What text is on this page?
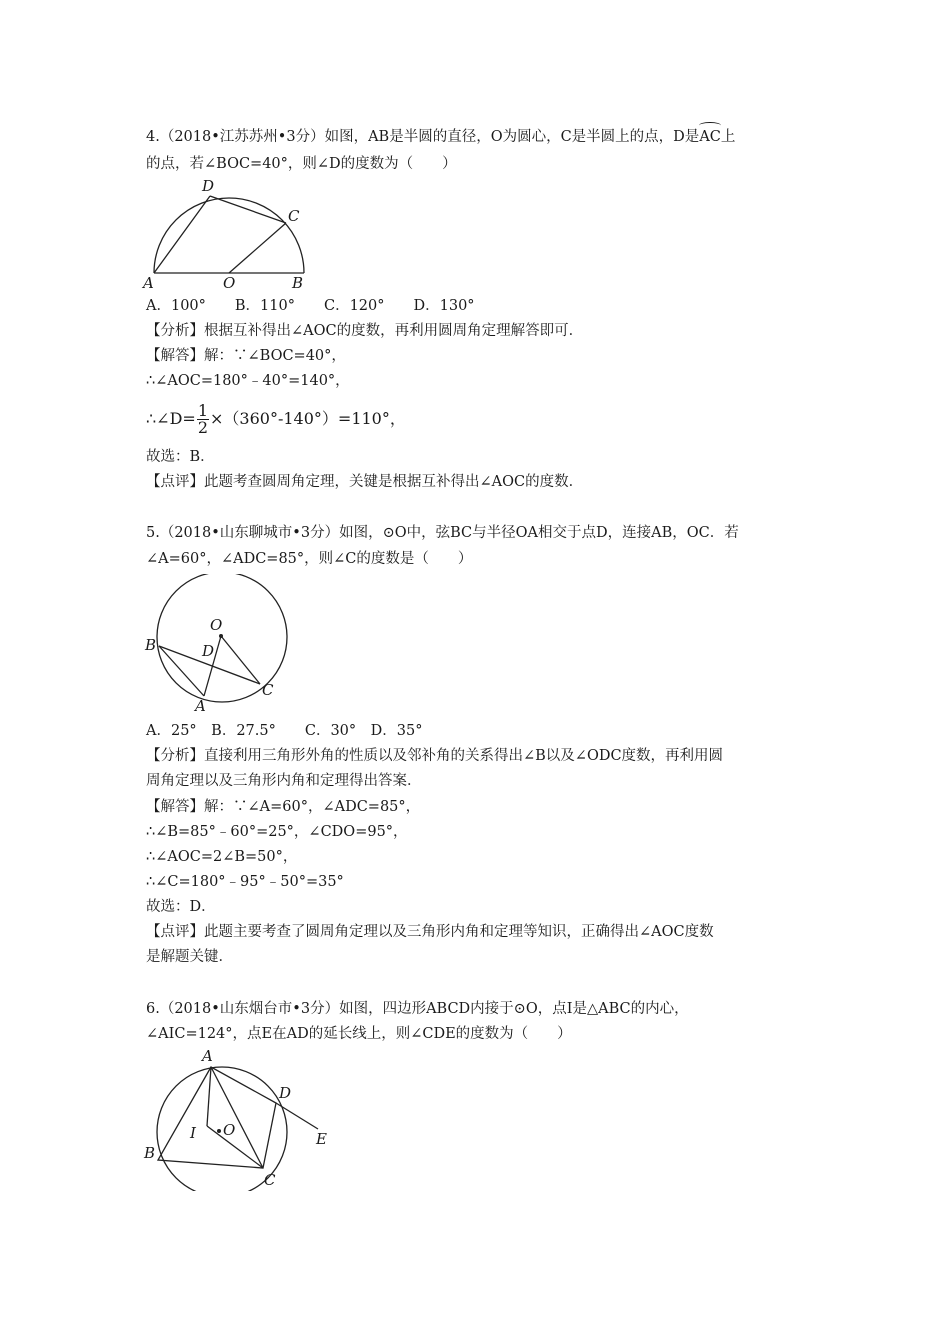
4.（2018•江苏苏州•3分）如图，AB是半圆的直径，O为圆心，C是半圆上的点，D是AC上
的点，若∠BOC=40°，则∠D的度数为（　　）
A	O	B
D
C
A．100°　　B．110°　　C．120°　　D．130°
【分析】根据互补得出∠AOC的度数，再利用圆周角定理解答即可．
【解答】解：∵∠BOC=40°，
∴∠AOC=180°﹣40°=140°，
∴∠D= $\frac{1}{2} \times(360^\circ-140^\circ)=110^\circ$，
故选：B．
【点评】此题考查圆周角定理，关键是根据互补得出∠AOC的度数．
5.（2018•山东聊城市•3分）如图，⊙O中，弦BC与半径OA相交于点D，连接AB，OC．若
∠A=60°，∠ADC=85°，则∠C的度数是（　　）
O
B	D
C
A
A．25°　B．27.5°　　C．30°　D．35°
【分析】直接利用三角形外角的性质以及邻补角的关系得出∠B以及∠ODC度数，再利用圆
周角定理以及三角形内角和定理得出答案．
【解答】解：∵∠A=60°，∠ADC=85°，
∴∠B=85°﹣60°=25°，∠CDO=95°，
∴∠AOC=2∠B=50°，
∴∠C=180°﹣95°﹣50°=35°
故选：D．
【点评】此题主要考查了圆周角定理以及三角形内角和定理等知识，正确得出∠AOC度数
是解题关键．
6.（2018•山东烟台市•3分）如图，四边形ABCD内接于⊙O，点I是△ABC的内心，
∠AIC=124°，点E在AD的延长线上，则∠CDE的度数为（　　）
A
B
C
D
E
I O
